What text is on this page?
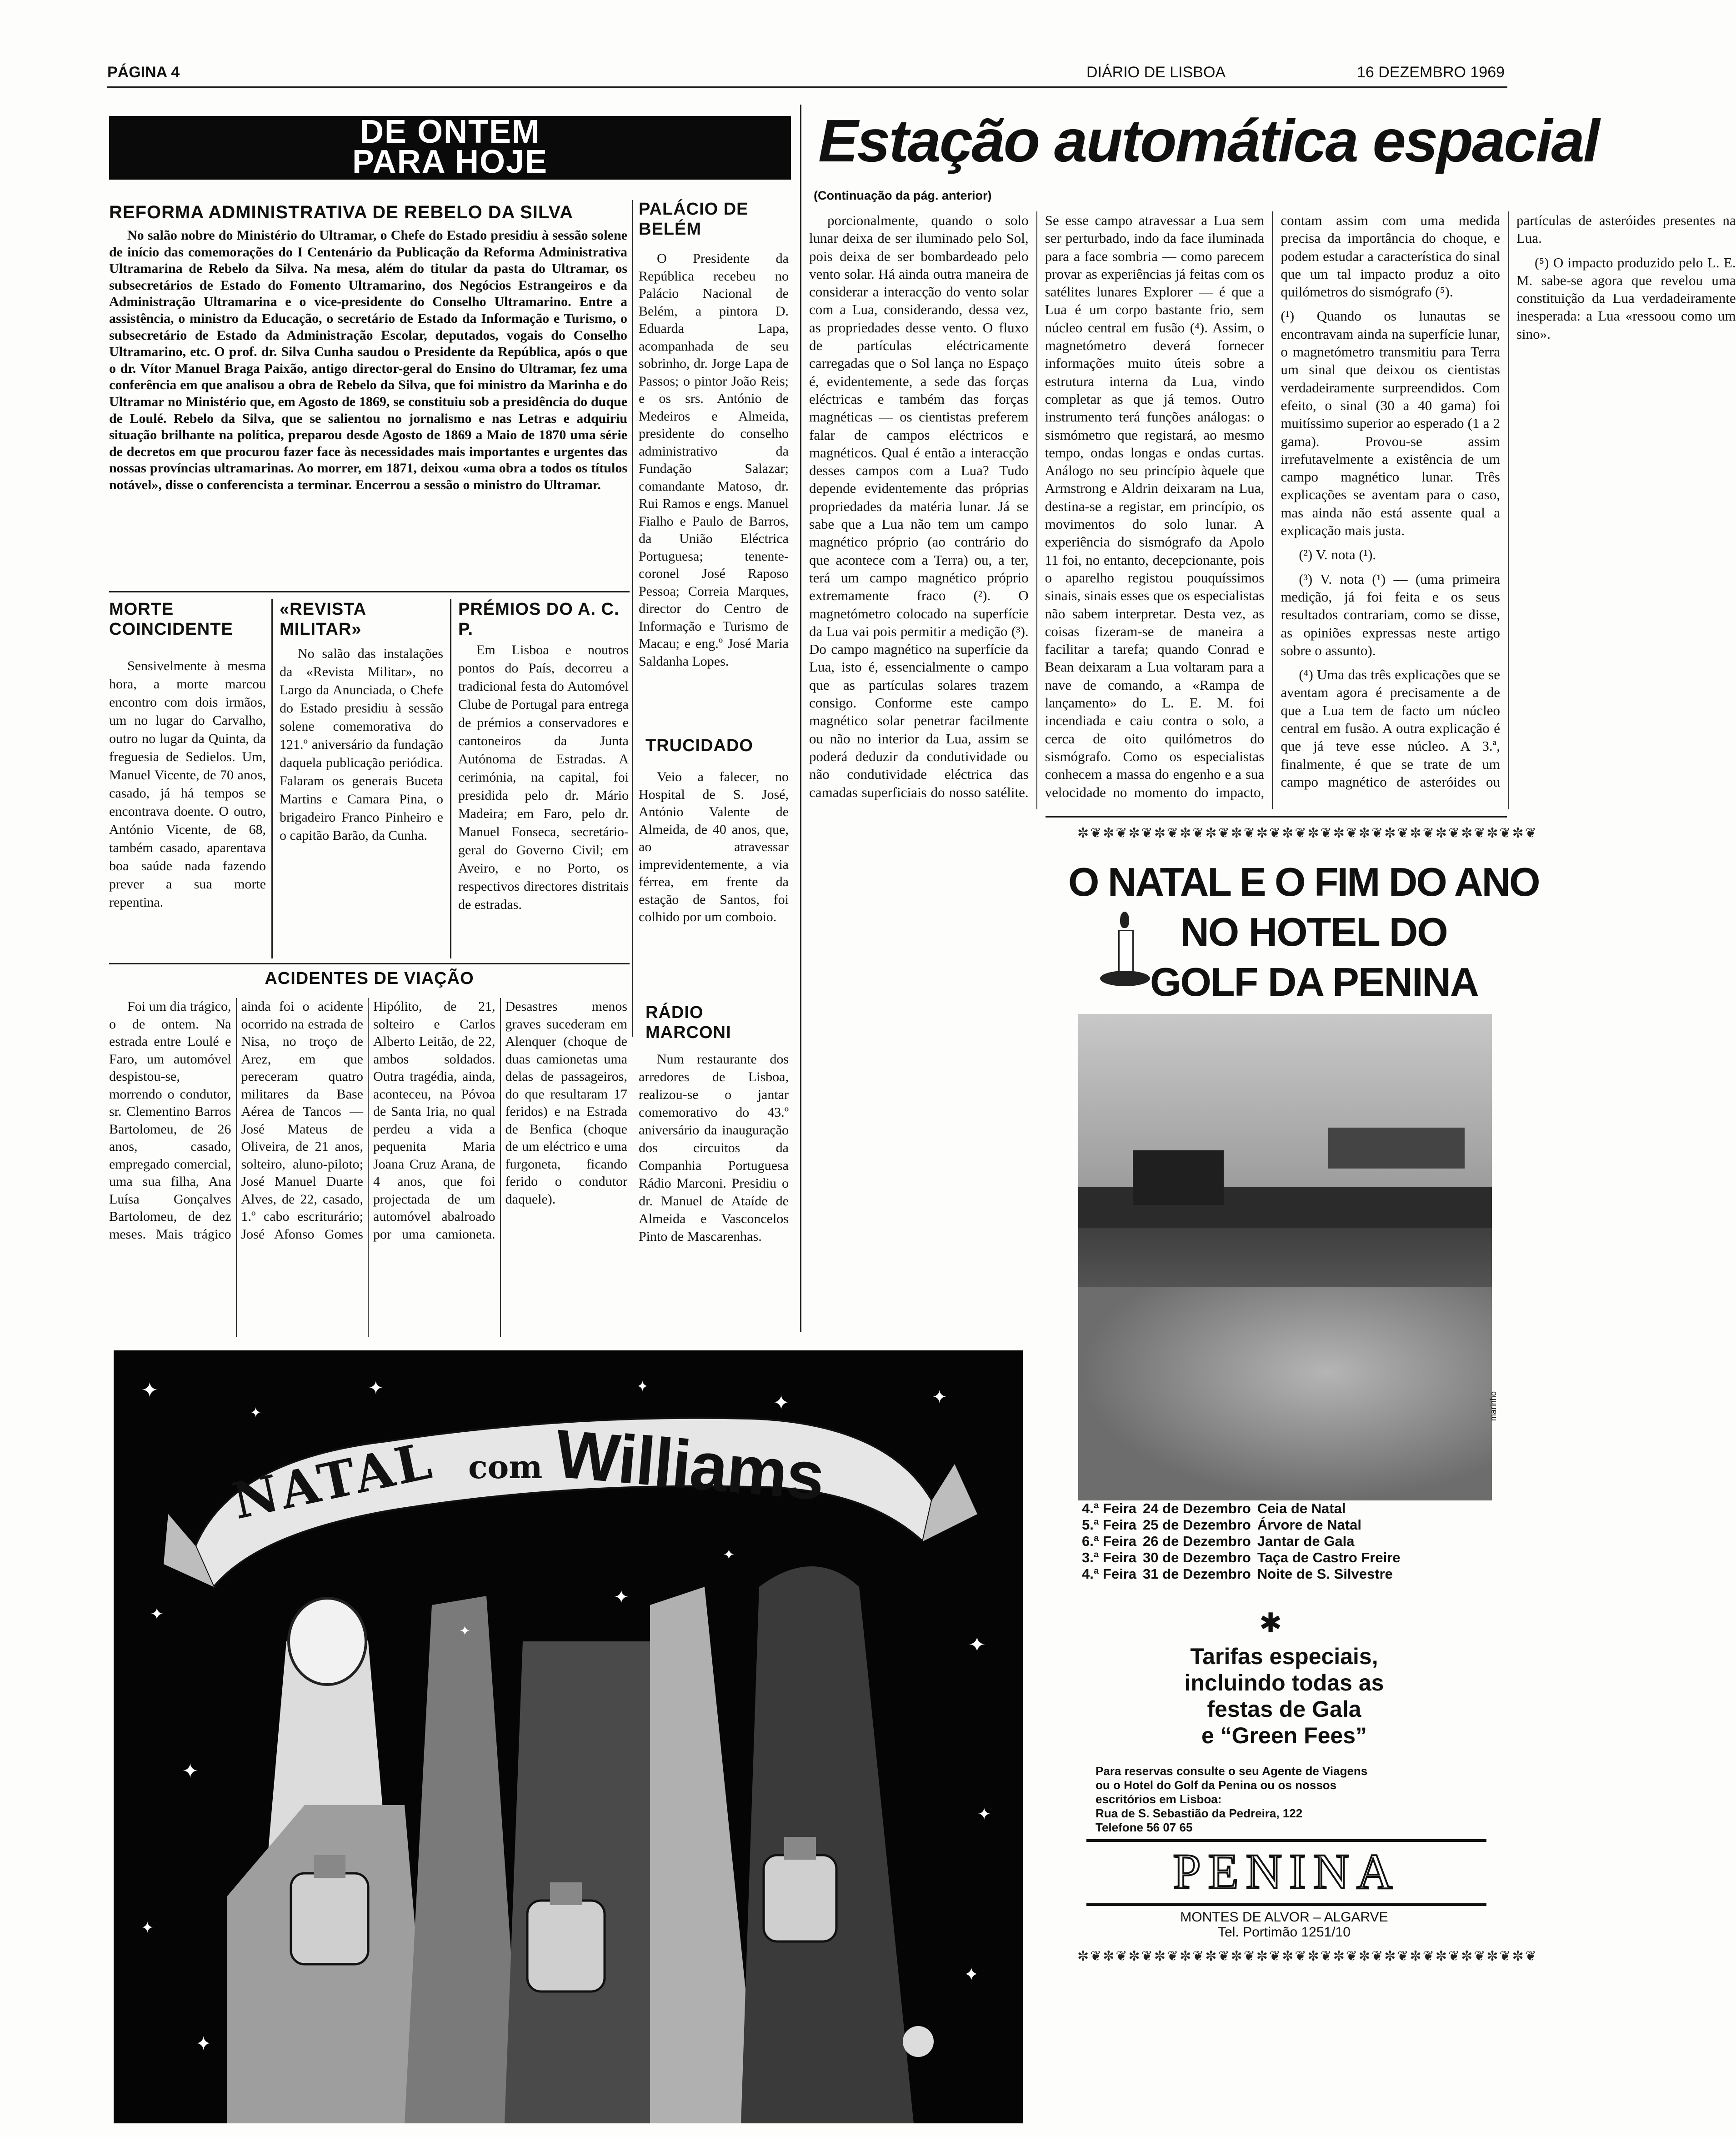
PÁGINA 4	DIÁRIO DE LISBOA	16 DEZEMBRO 1969
DE ONTEM
PARA HOJE
REFORMA ADMINISTRATIVA DE REBELO DA SILVA

No salão nobre do Ministério do Ultramar, o Chefe do Estado presidiu à sessão solene de início das comemorações do I Centenário da Publicação da Reforma Administrativa Ultramarina de Rebelo da Silva. Na mesa, além do titular da pasta do Ultramar, os subsecretários de Estado do Fomento Ultramarino, dos Negócios Estrangeiros e da Administração Ultramarina e o vice-presidente do Conselho Ultramarino. Entre a assistência, o ministro da Educação, o secretário de Estado da Informação e Turismo, o subsecretário de Estado da Administração Escolar, deputados, vogais do Conselho Ultramarino, etc. O prof. dr. Silva Cunha saudou o Presidente da República, após o que o dr. Vítor Manuel Braga Paixão, antigo director-geral do Ensino do Ultramar, fez uma conferência em que analisou a obra de Rebelo da Silva, que foi ministro da Marinha e do Ultramar no Ministério que, em Agosto de 1869, se constituiu sob a presidência do duque de Loulé. Rebelo da Silva, que se salientou no jornalismo e nas Letras e adquiriu situação brilhante na política, preparou desde Agosto de 1869 a Maio de 1870 uma série de decretos em que procurou fazer face às necessidades mais importantes e urgentes das nossas províncias ultramarinas. Ao morrer, em 1871, deixou «uma obra a todos os títulos notável», disse o conferencista a terminar. Encerrou a sessão o ministro do Ultramar.

PALÁCIO DE BELÉM

O Presidente da República recebeu no Palácio Nacional de Belém, a pintora D. Eduarda Lapa, acompanhada de seu sobrinho, dr. Jorge Lapa de Passos; o pintor João Reis; e os srs. António de Medeiros e Almeida, presidente do conselho administrativo da Fundação Salazar; comandante Matoso, dr. Rui Ramos e engs. Manuel Fialho e Paulo de Barros, da União Eléctrica Portuguesa; tenente-coronel José Raposo Pessoa; Correia Marques, director do Centro de Informação e Turismo de Macau; e eng.º José Maria Saldanha Lopes.

TRUCIDADO

Veio a falecer, no Hospital de S. José, António Valente de Almeida, de 40 anos, que, ao atravessar imprevidentemente, a via férrea, em frente da estação de Santos, foi colhido por um comboio.

RÁDIO MARCONI

Num restaurante dos arredores de Lisboa, realizou-se o jantar comemorativo do 43.º aniversário da inauguração dos circuitos da Companhia Portuguesa Rádio Marconi. Presidiu o dr. Manuel de Ataíde de Almeida e Vasconcelos Pinto de Mascarenhas.

MORTE COINCIDENTE

Sensivelmente à mesma hora, a morte marcou encontro com dois irmãos, um no lugar do Carvalho, outro no lugar da Quinta, da freguesia de Sedielos. Um, Manuel Vicente, de 70 anos, casado, já há tempos se encontrava doente. O outro, António Vicente, de 68, também casado, aparentava boa saúde nada fazendo prever a sua morte repentina.

«REVISTA MILITAR»

No salão das instalações da «Revista Militar», no Largo da Anunciada, o Chefe do Estado presidiu à sessão solene comemorativa do 121.º aniversário da fundação daquela publicação periódica. Falaram os generais Buceta Martins e Camara Pina, o brigadeiro Franco Pinheiro e o capitão Barão, da Cunha.

PRÉMIOS DO A. C. P.

Em Lisboa e noutros pontos do País, decorreu a tradicional festa do Automóvel Clube de Portugal para entrega de prémios a conservadores e cantoneiros da Junta Autónoma de Estradas. A cerimónia, na capital, foi presidida pelo dr. Mário Madeira; em Faro, pelo dr. Manuel Fonseca, secretário-geral do Governo Civil; em Aveiro, e no Porto, os respectivos directores distritais de estradas.

ACIDENTES DE VIAÇÃO

Foi um dia trágico, o de ontem. Na estrada entre Loulé e Faro, um automóvel despistou-se, morrendo o condutor, sr. Clementino Barros Bartolomeu, de 26 anos, casado, empregado comercial, uma sua filha, Ana Luísa Gonçalves Bartolomeu, de dez meses. Mais trágico ainda foi o acidente ocorrido na estrada de Nisa, no troço de Arez, em que pereceram quatro militares da Base Aérea de Tancos — José Mateus de Oliveira, de 21 anos, solteiro, aluno-piloto; José Manuel Duarte Alves, de 22, casado, 1.º cabo escriturário; José Afonso Gomes Hipólito, de 21, solteiro e Carlos Alberto Leitão, de 22, ambos soldados. Outra tragédia, ainda, aconteceu, na Póvoa de Santa Iria, no qual perdeu a vida a pequenita Maria Joana Cruz Arana, de 4 anos, que foi projectada de um automóvel abalroado por uma camioneta. Desastres menos graves sucederam em Alenquer (choque de duas camionetas uma delas de passageiros, do que resultaram 17 feridos) e na Estrada de Benfica (choque de um eléctrico e uma furgoneta, ficando ferido o condutor daquele).

Estação automática espacial
(Continuação da pág. anterior)

porcionalmente, quando o solo lunar deixa de ser iluminado pelo Sol, pois deixa de ser bombardeado pelo vento solar. Há ainda outra maneira de considerar a interacção do vento solar com a Lua, considerando, dessa vez, as propriedades desse vento. O fluxo de partículas eléctricamente carregadas que o Sol lança no Espaço é, evidentemente, a sede das forças eléctricas e também das forças magnéticas — os cientistas preferem falar de campos eléctricos e magnéticos. Qual é então a interacção desses campos com a Lua? Tudo depende evidentemente das próprias propriedades da matéria lunar. Já se sabe que a Lua não tem um campo magnético próprio (ao contrário do que acontece com a Terra) ou, a ter, terá um campo magnético próprio extremamente fraco (²). O magnetómetro colocado na superfície da Lua vai pois permitir a medição (³). Do campo magnético na superfície da Lua, isto é, essencialmente o campo que as partículas solares trazem consigo. Conforme este campo magnético solar penetrar facilmente ou não no interior da Lua, assim se poderá deduzir da condutividade ou não condutividade eléctrica das camadas superficiais do nosso satélite. Se esse campo atravessar a Lua sem ser perturbado, indo da face iluminada para a face sombria — como parecem provar as experiências já feitas com os satélites lunares Explorer — é que a Lua é um corpo bastante frio, sem núcleo central em fusão (⁴). Assim, o magnetómetro deverá fornecer informações muito úteis sobre a estrutura interna da Lua, vindo completar as que já temos. Outro instrumento terá funções análogas: o sismómetro que registará, ao mesmo tempo, ondas longas e ondas curtas. Análogo no seu princípio àquele que Armstrong e Aldrin deixaram na Lua, destina-se a registar, em princípio, os movimentos do solo lunar. A experiência do sismógrafo da Apolo 11 foi, no entanto, decepcionante, pois o aparelho registou pouquíssimos sinais, sinais esses que os especialistas não sabem interpretar. Desta vez, as coisas fizeram-se de maneira a facilitar a tarefa; quando Conrad e Bean deixaram a Lua voltaram para a nave de comando, a «Rampa de lançamento» do L. E. M. foi incendiada e caiu contra o solo, a cerca de oito quilómetros do sismógrafo. Como os especialistas conhecem a massa do engenho e a sua velocidade no momento do impacto, contam assim com uma medida precisa da importância do choque, e podem estudar a característica do sinal que um tal impacto produz a oito quilómetros do sismógrafo (⁵).

(¹) Quando os lunautas se encontravam ainda na superfície lunar, o magnetómetro transmitiu para Terra um sinal que deixou os cientistas verdadeiramente surpreendidos. Com efeito, o sinal (30 a 40 gama) foi muitíssimo superior ao esperado (1 a 2 gama). Provou-se assim irrefutavelmente a existência de um campo magnético lunar. Três explicações se aventam para o caso, mas ainda não está assente qual a explicação mais justa.

(²) V. nota (¹).

(³) V. nota (¹) — (uma primeira medição, já foi feita e os seus resultados contrariam, como se disse, as opiniões expressas neste artigo sobre o assunto).

(⁴) Uma das três explicações que se aventam agora é precisamente a de que a Lua tem de facto um núcleo central em fusão. A outra explicação é que já teve esse núcleo. A 3.ª, finalmente, é que se trate de um campo magnético de asteróides ou partículas de asteróides presentes na Lua.

(⁵) O impacto produzido pelo L. E. M. sabe-se agora que revelou uma constituição da Lua verdadeiramente inesperada: a Lua «ressoou como um sino».

✼❦✼❦✼❦✼❦✼❦✼❦✼❦✼❦✼❦✼❦✼❦✼❦✼❦✼❦✼❦✼❦✼❦✼❦
O NATAL E O FIM DO ANO
NO HOTEL DO
GOLF DA PENINA
marinho
4.ª Feira	24 de Dezembro	Ceia de Natal
5.ª Feira	25 de Dezembro	Árvore de Natal
6.ª Feira	26 de Dezembro	Jantar de Gala
3.ª Feira	30 de Dezembro	Taça de Castro Freire
4.ª Feira	31 de Dezembro	Noite de S. Silvestre
✱
Tarifas especiais,
incluindo todas as
festas de Gala
e “Green Fees”
Para reservas consulte o seu Agente de Viagens
ou o Hotel do Golf da Penina ou os nossos
escritórios em Lisboa:
Rua de S. Sebastião da Pedreira, 122
Telefone 56 07 65
PENINA
MONTES DE ALVOR – ALGARVE
Tel. Portimão 1251/10
✼❦✼❦✼❦✼❦✼❦✼❦✼❦✼❦✼❦✼❦✼❦✼❦✼❦✼❦✼❦✼❦✼❦✼❦
NATAL com Williams
✦
✦
✦	✦
✦	✦
✦
✦
✦
✦
✦
✦
✦
✦
✦
✦
